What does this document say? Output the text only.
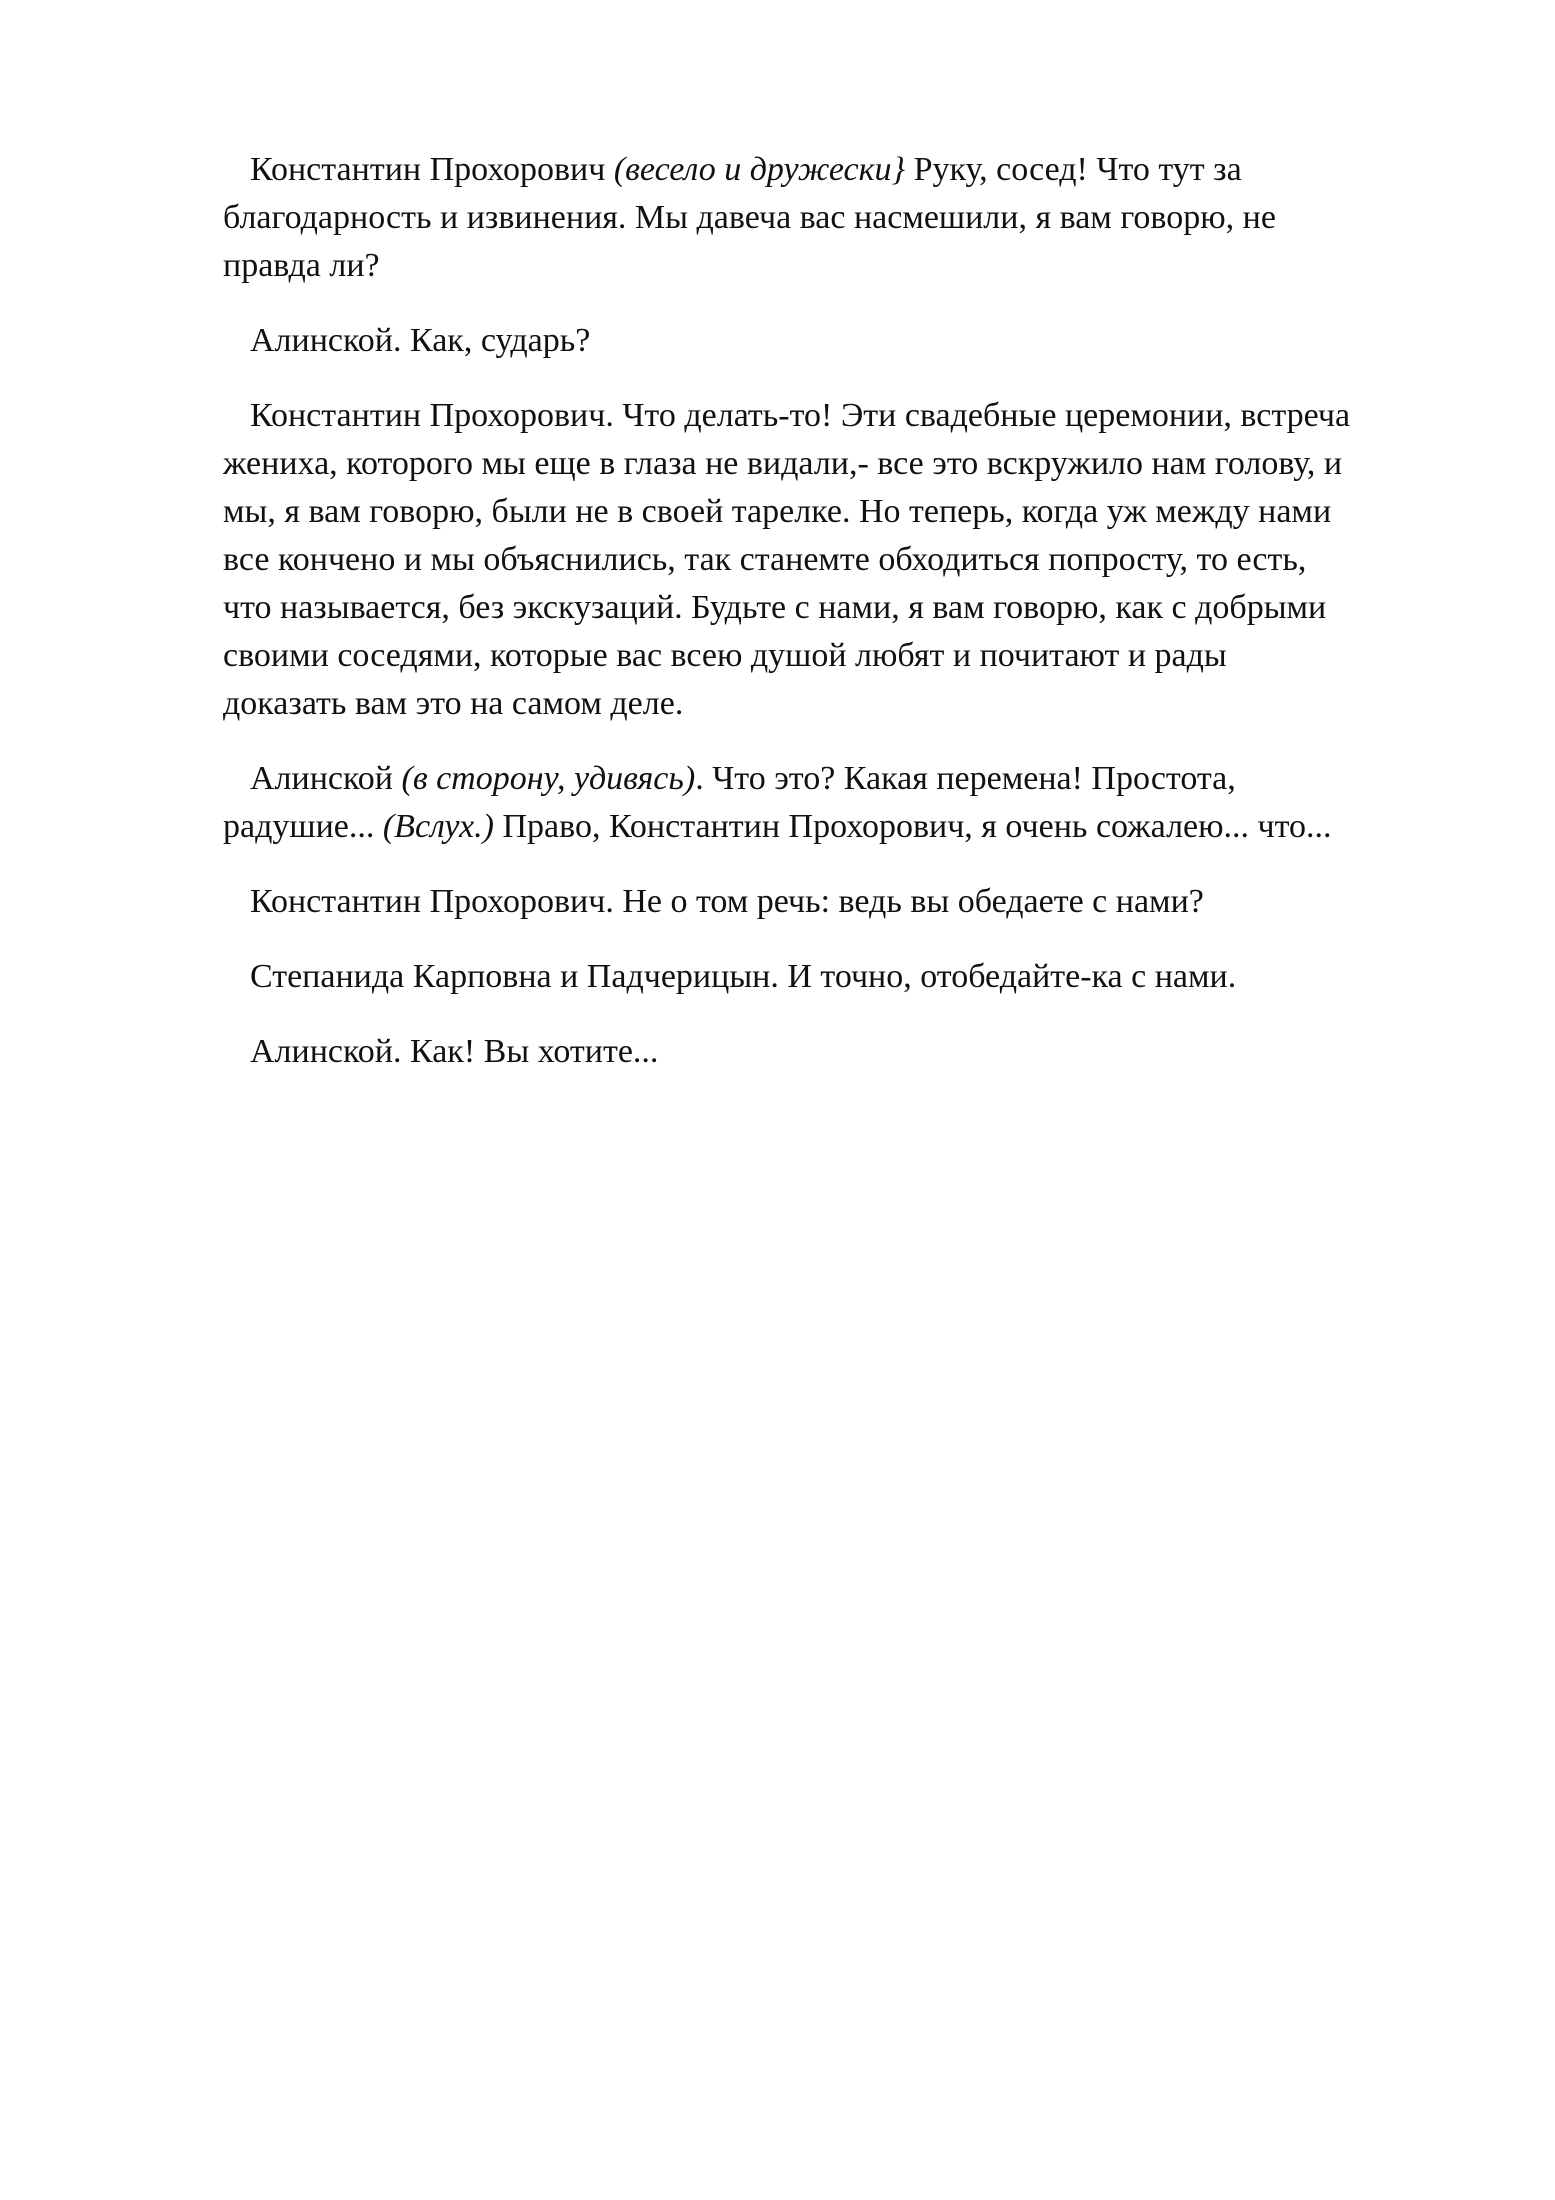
Константин Прохорович (весело и дружески} Руку, сосед! Что тут за
благодарность и извинения. Мы давеча вас насмешили, я вам говорю, не
правда ли?
Алинской. Как, сударь?
Константин Прохорович. Что делать-то! Эти свадебные церемонии, встреча
жениха, которого мы еще в глаза не видали,- все это вскружило нам голову, и
мы, я вам говорю, были не в своей тарелке. Но теперь, когда уж между нами
все кончено и мы объяснились, так станемте обходиться попросту, то есть,
что называется, без экскузаций. Будьте с нами, я вам говорю, как с добрыми
своими соседями, которые вас всею душой любят и почитают и рады
доказать вам это на самом деле.
Алинской (в сторону, удивясь). Что это? Какая перемена! Простота,
радушие... (Вслух.) Право, Константин Прохорович, я очень сожалею... что...
Константин Прохорович. Не о том речь: ведь вы обедаете с нами?
Степанида Карповна и Падчерицын. И точно, отобедайте-ка с нами.
Алинской. Как! Вы хотите...
